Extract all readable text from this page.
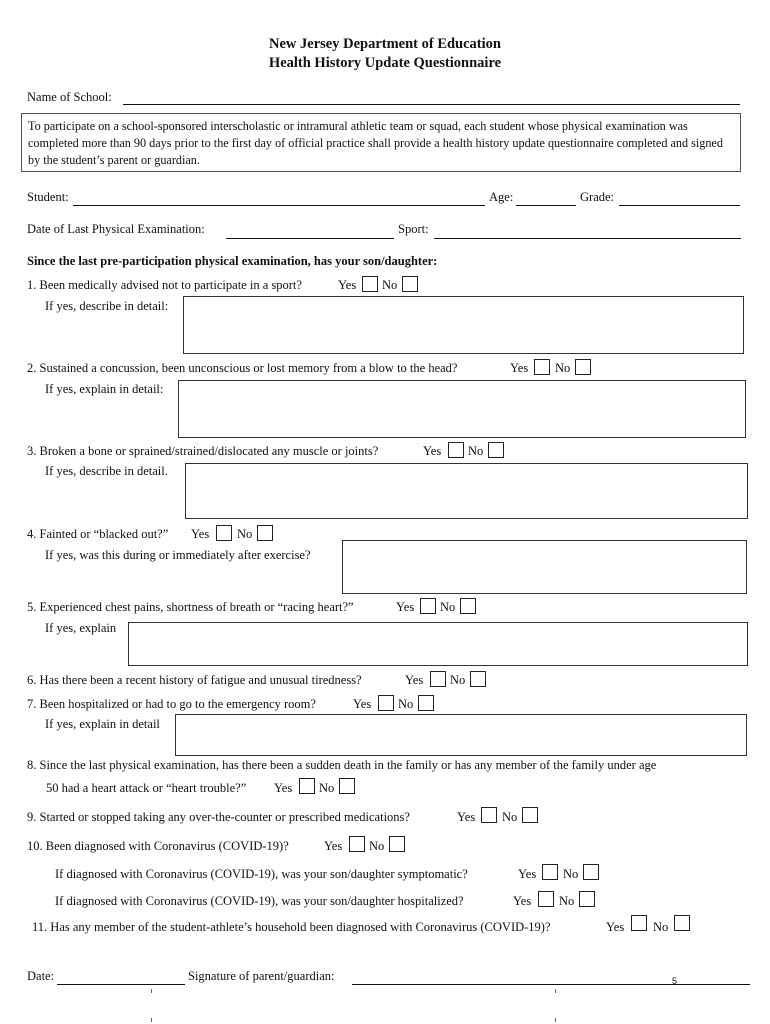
New Jersey Department of Education
Health History Update Questionnaire
Name of School:
To participate on a school-sponsored interscholastic or intramural athletic team or squad, each student whose physical examination was completed more than 90 days prior to the first day of official practice shall provide a health history update questionnaire completed and signed by the student’s parent or guardian.
Student:	Age:	Grade:
Date of Last Physical Examination:	Sport:
Since the last pre-participation physical examination, has your son/daughter:
1. Been medically advised not to participate in a sport?	Yes No
If yes, describe in detail:
2. Sustained a concussion, been unconscious or lost memory from a blow to the head?	Yes No
If yes, explain in detail:
3. Broken a bone or sprained/strained/dislocated any muscle or joints?	Yes No
If yes, describe in detail.
4. Fainted or “blacked out?” Yes No
If yes, was this during or immediately after exercise?
5. Experienced chest pains, shortness of breath or “racing heart?”	Yes No
If yes, explain
6. Has there been a recent history of fatigue and unusual tiredness?	Yes No
7. Been hospitalized or had to go to the emergency room?	Yes No
If yes, explain in detail
8. Since the last physical examination, has there been a sudden death in the family or has any member of the family under age
50 had a heart attack or “heart trouble?” Yes No
9. Started or stopped taking any over-the-counter or prescribed medications?	Yes No
10. Been diagnosed with Coronavirus (COVID-19)?	Yes No
If diagnosed with Coronavirus (COVID-19), was your son/daughter symptomatic?	Yes No
If diagnosed with Coronavirus (COVID-19), was your son/daughter hospitalized?	Yes No
11. Has any member of the student-athlete’s household been diagnosed with Coronavirus (COVID-19)?	Yes No
Date:	Signature of parent/guardian:	5
